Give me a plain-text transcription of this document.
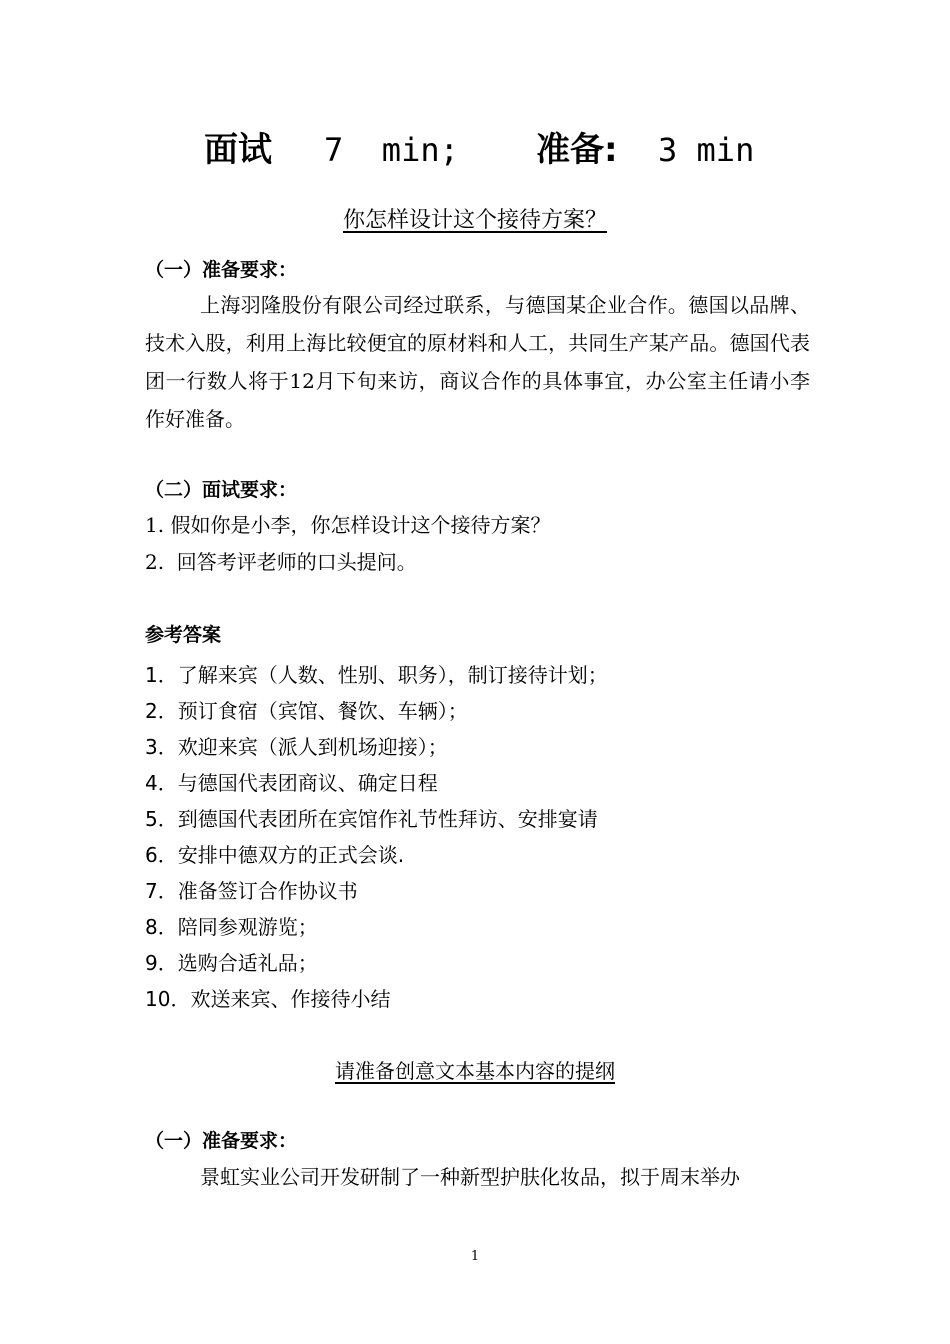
面试 7  min; 准备: 3 min
你怎样设计这个接待方案？
（一）准备要求：
上海羽隆股份有限公司经过联系，与德国某企业合作。德国以品牌、技术入股，利用上海比较便宜的原材料和人工，共同生产某产品。德国代表团一行数人将于12月下旬来访，商议合作的具体事宜，办公室主任请小李作好准备。
（二）面试要求：
1. 假如你是小李，你怎样设计这个接待方案？
2.  回答考评老师的口头提问。
参考答案
1．了解来宾（人数、性别、职务），制订接待计划；
2．预订食宿（宾馆、餐饮、车辆）；
3．欢迎来宾（派人到机场迎接）；
4．与德国代表团商议、确定日程
5．到德国代表团所在宾馆作礼节性拜访、安排宴请
6．安排中德双方的正式会谈.
7．准备签订合作协议书
8．陪同参观游览；
9．选购合适礼品；
10．欢送来宾、作接待小结
请准备创意文本基本内容的提纲
（一）准备要求：
景虹实业公司开发研制了一种新型护肤化妆品，拟于周末举办
1
